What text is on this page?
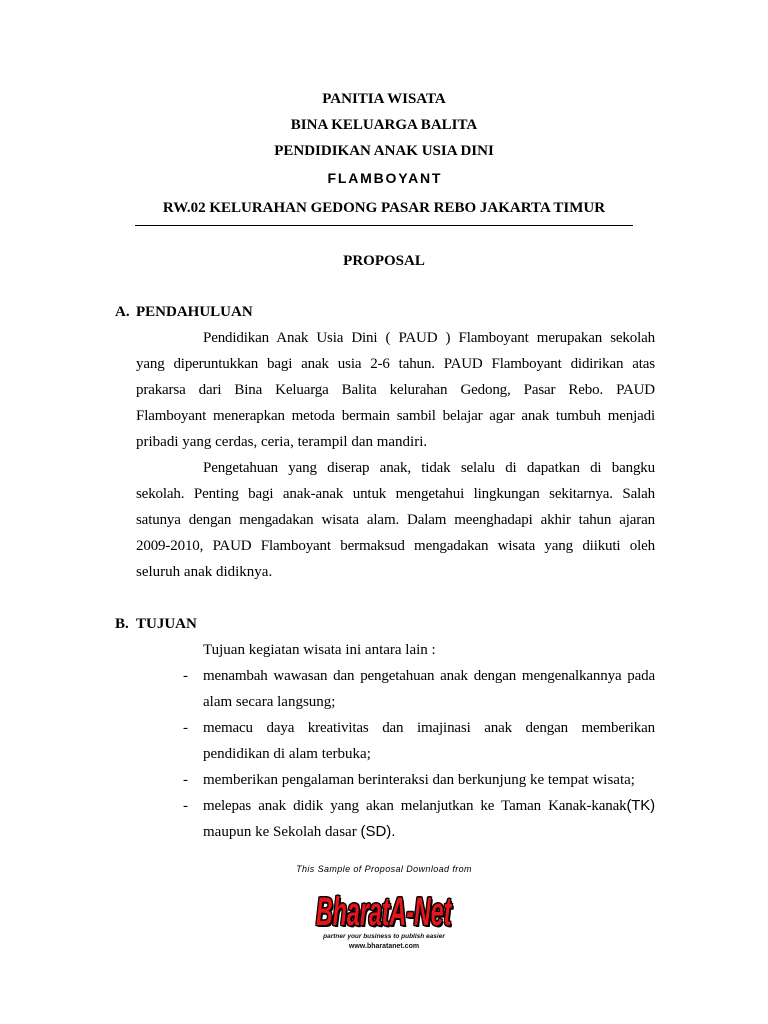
PANITIA WISATA
BINA KELUARGA BALITA
PENDIDIKAN ANAK USIA DINI
FLAMBOYANT
RW.02 KELURAHAN GEDONG PASAR REBO JAKARTA TIMUR
PROPOSAL
A. PENDAHULUAN
Pendidikan Anak Usia Dini ( PAUD ) Flamboyant merupakan sekolah
yang diperuntukkan bagi anak usia 2-6 tahun. PAUD Flamboyant didirikan atas
prakarsa dari Bina Keluarga Balita kelurahan Gedong, Pasar Rebo. PAUD
Flamboyant menerapkan metoda bermain sambil belajar agar anak tumbuh menjadi
pribadi yang cerdas, ceria, terampil dan mandiri.
Pengetahuan yang diserap anak, tidak selalu di dapatkan di bangku
sekolah. Penting bagi anak-anak untuk mengetahui lingkungan sekitarnya. Salah
satunya dengan mengadakan wisata alam. Dalam meenghadapi akhir tahun ajaran
2009-2010, PAUD Flamboyant bermaksud mengadakan wisata yang diikuti oleh
seluruh anak didiknya.
B. TUJUAN
Tujuan kegiatan wisata ini antara lain :
- menambah wawasan dan pengetahuan anak dengan mengenalkannya pada
alam secara langsung;
- memacu daya kreativitas dan imajinasi anak dengan memberikan
pendidikan di alam terbuka;
- memberikan pengalaman berinteraksi dan berkunjung ke tempat wisata;
- melepas anak didik yang akan melanjutkan ke Taman Kanak-kanak(TK)
maupun ke Sekolah dasar (SD).
This Sample of Proposal Download from
BharatA-Net
partner your business to publish easier
www.bharatanet.com
